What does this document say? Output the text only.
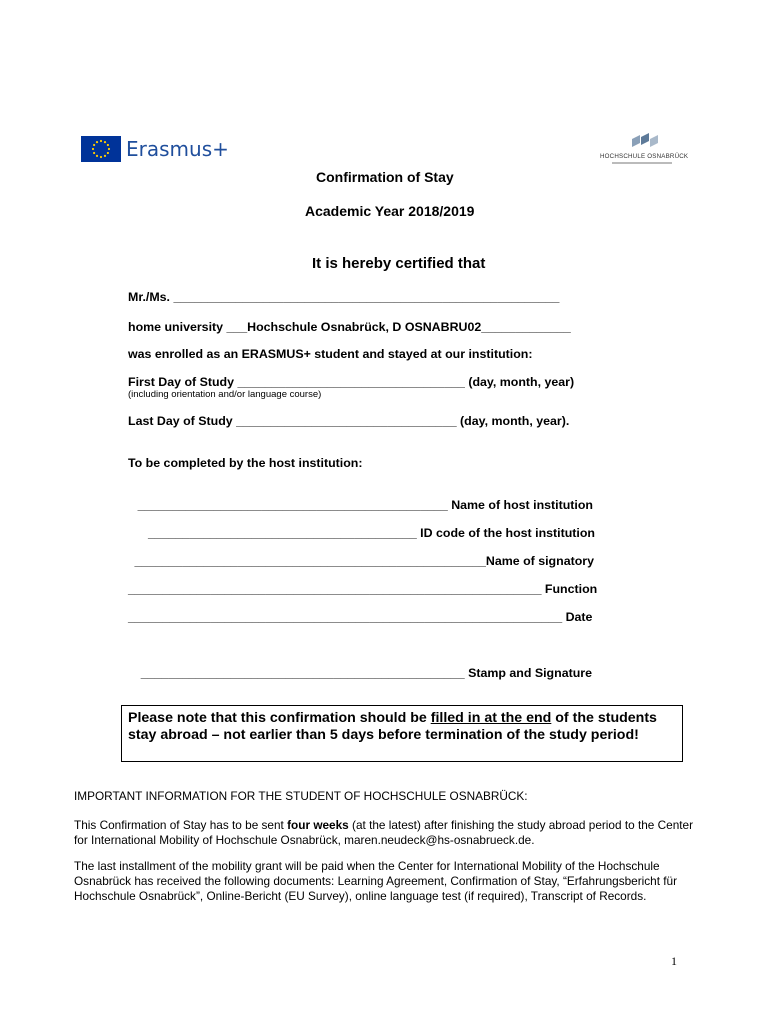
Erasmus+	HOCHSCHULE OSNABRÜCK
Confirmation of Stay
Academic Year 2018/2019
It is hereby certified that
Mr./Ms. ________________________________________________________
home university ___Hochschule Osnabrück, D OSNABRU02_____________
was enrolled as an ERASMUS+ student and stayed at our institution:
First Day of Study _________________________________ (day, month, year)
(including orientation and/or language course)
Last Day of Study ________________________________ (day, month, year).
To be completed by the host institution:
_____________________________________________ Name of host institution
_______________________________________ ID code of the host institution
___________________________________________________Name of signatory
____________________________________________________________ Function
_______________________________________________________________ Date
_______________________________________________ Stamp and Signature
Please note that this confirmation should be filled in at the end of the students stay abroad – not earlier than 5 days before termination of the study period!
IMPORTANT INFORMATION FOR THE STUDENT OF HOCHSCHULE OSNABRÜCK:
This Confirmation of Stay has to be sent four weeks (at the latest) after finishing the study abroad period to the Center for International Mobility of Hochschule Osnabrück, maren.neudeck@hs-osnabrueck.de.
The last installment of the mobility grant will be paid when the Center for International Mobility of the Hochschule Osnabrück has received the following documents: Learning Agreement, Confirmation of Stay, “Erfahrungsbericht für Hochschule Osnabrück”, Online-Bericht (EU Survey), online language test (if required), Transcript of Records.
1
